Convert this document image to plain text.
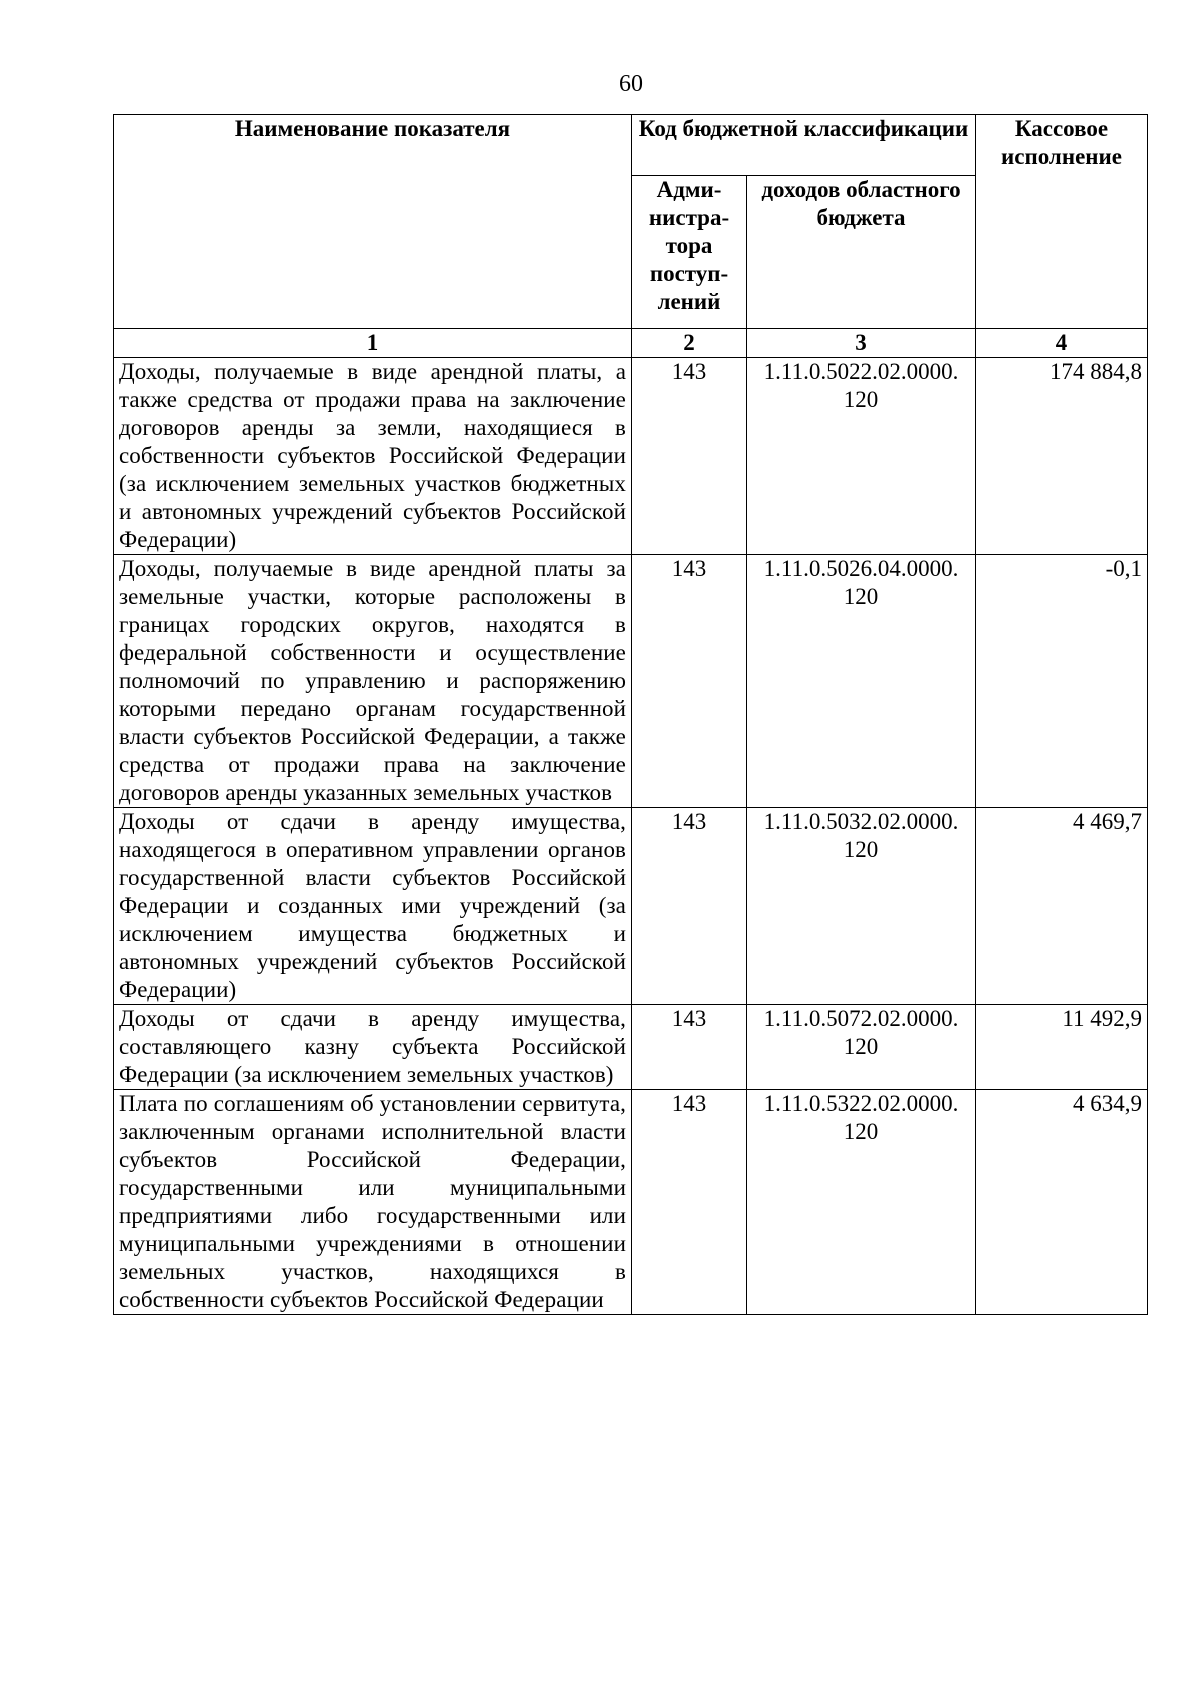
60
Наименование показателя	Код бюджетной классификации		Кассовое исполнение
	Адми-нистра-тора поступ-лений	доходов областного бюджета	
1	2	3	4
Доходы, получаемые в виде арендной платы, а также средства от продажи права на заключение договоров аренды за земли, находящиеся в собственности субъектов Российской Федерации (за исключением земельных участков бюджетных и автономных учреждений субъектов Российской Федерации)	143	1.11.0.5022.02.0000. 120	174 884,8
Доходы, получаемые в виде арендной платы за земельные участки, которые расположены в границах городских округов, находятся в федеральной собственности и осуществление полномочий по управлению и распоряжению которыми передано органам государственной власти субъектов Российской Федерации, а также средства от продажи права на заключение договоров аренды указанных земельных участков	143	1.11.0.5026.04.0000. 120	-0,1
Доходы от сдачи в аренду имущества, находящегося в оперативном управлении органов государственной власти субъектов Российской Федерации и созданных ими учреждений (за исключением имущества бюджетных и автономных учреждений субъектов Российской Федерации)	143	1.11.0.5032.02.0000. 120	4 469,7
Доходы от сдачи в аренду имущества, составляющего казну субъекта Российской Федерации (за исключением земельных участков)	143	1.11.0.5072.02.0000. 120	11 492,9
Плата по соглашениям об установлении сервитута, заключенным органами исполнительной власти субъектов Российской Федерации, государственными или муниципальными предприятиями либо государственными или муниципальными учреждениями в отношении земельных участков, находящихся в собственности субъектов Российской Федерации	143	1.11.0.5322.02.0000. 120	4 634,9
